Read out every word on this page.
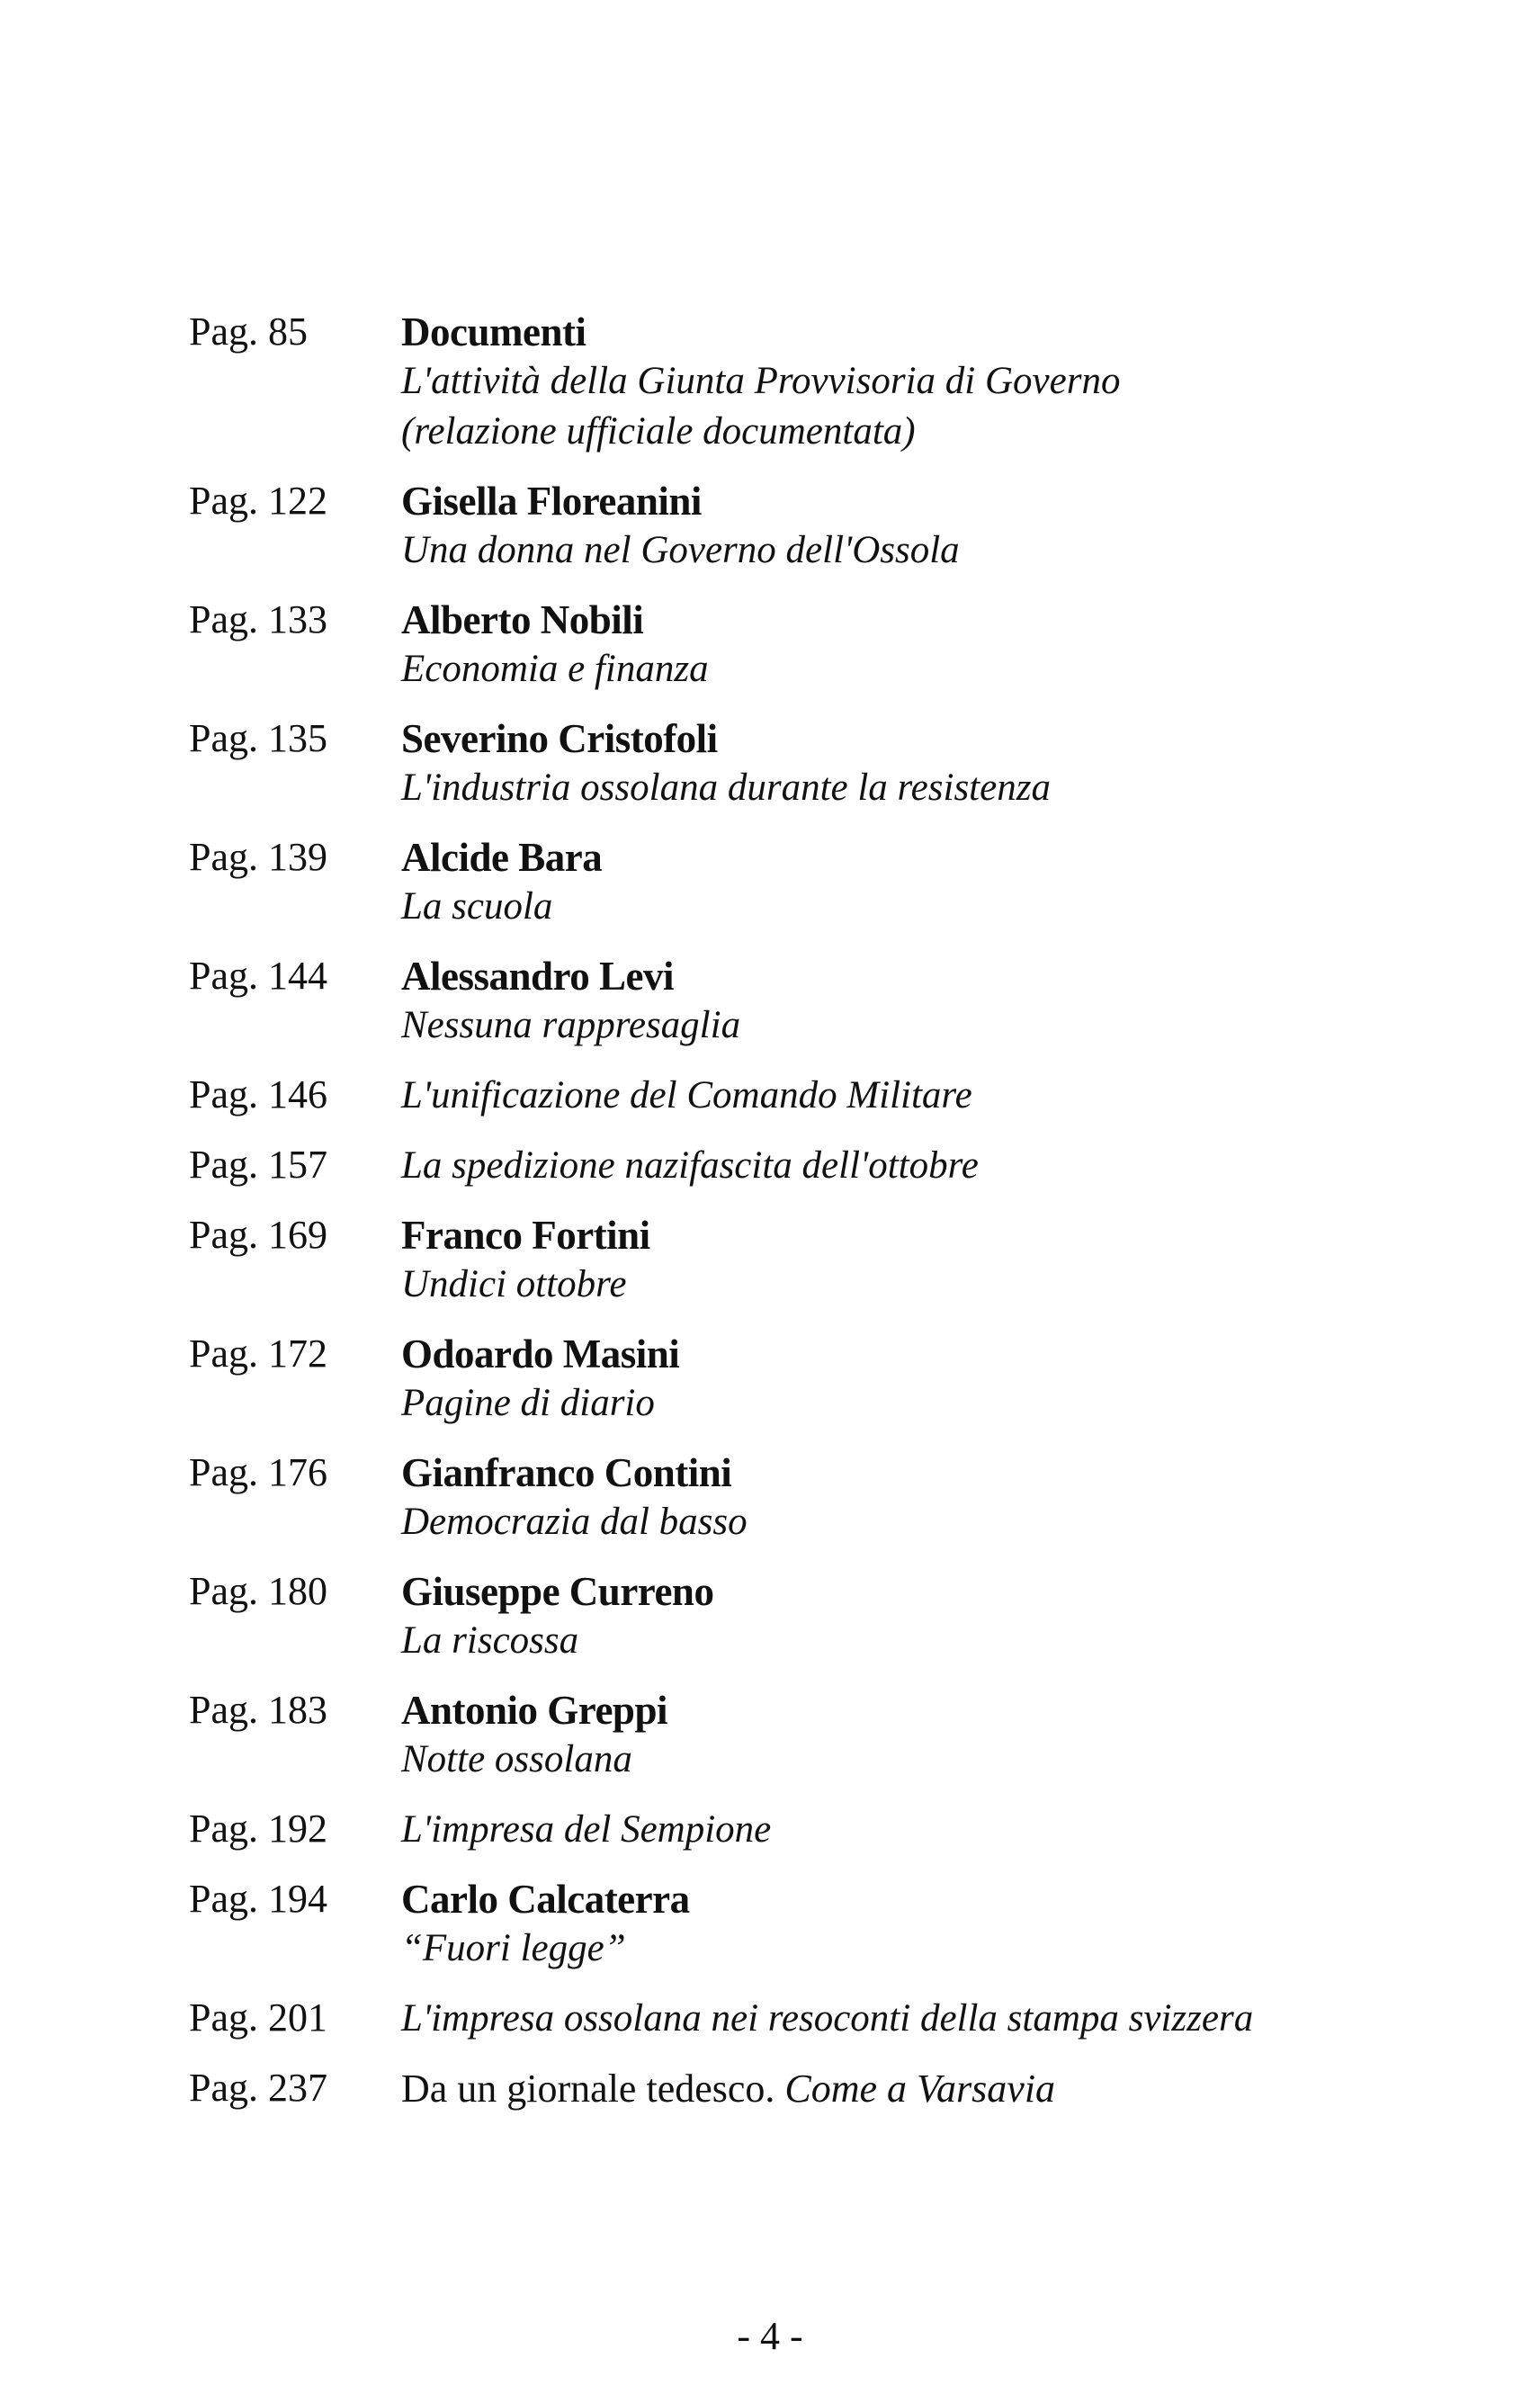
Pag. 85	Documenti
L'attività della Giunta Provvisoria di Governo
(relazione ufficiale documentata)
Pag. 122	Gisella Floreanini
Una donna nel Governo dell'Ossola
Pag. 133	Alberto Nobili
Economia e finanza
Pag. 135	Severino Cristofoli
L'industria ossolana durante la resistenza
Pag. 139	Alcide Bara
La scuola
Pag. 144	Alessandro Levi
Nessuna rappresaglia
Pag. 146	L'unificazione del Comando Militare
Pag. 157	La spedizione nazifascita dell'ottobre
Pag. 169	Franco Fortini
Undici ottobre
Pag. 172	Odoardo Masini
Pagine di diario
Pag. 176	Gianfranco Contini
Democrazia dal basso
Pag. 180	Giuseppe Curreno
La riscossa
Pag. 183	Antonio Greppi
Notte ossolana
Pag. 192	L'impresa del Sempione
Pag. 194	Carlo Calcaterra
“Fuori legge”
Pag. 201	L'impresa ossolana nei resoconti della stampa svizzera
Pag. 237	Da un giornale tedesco. Come a Varsavia
- 4 -
